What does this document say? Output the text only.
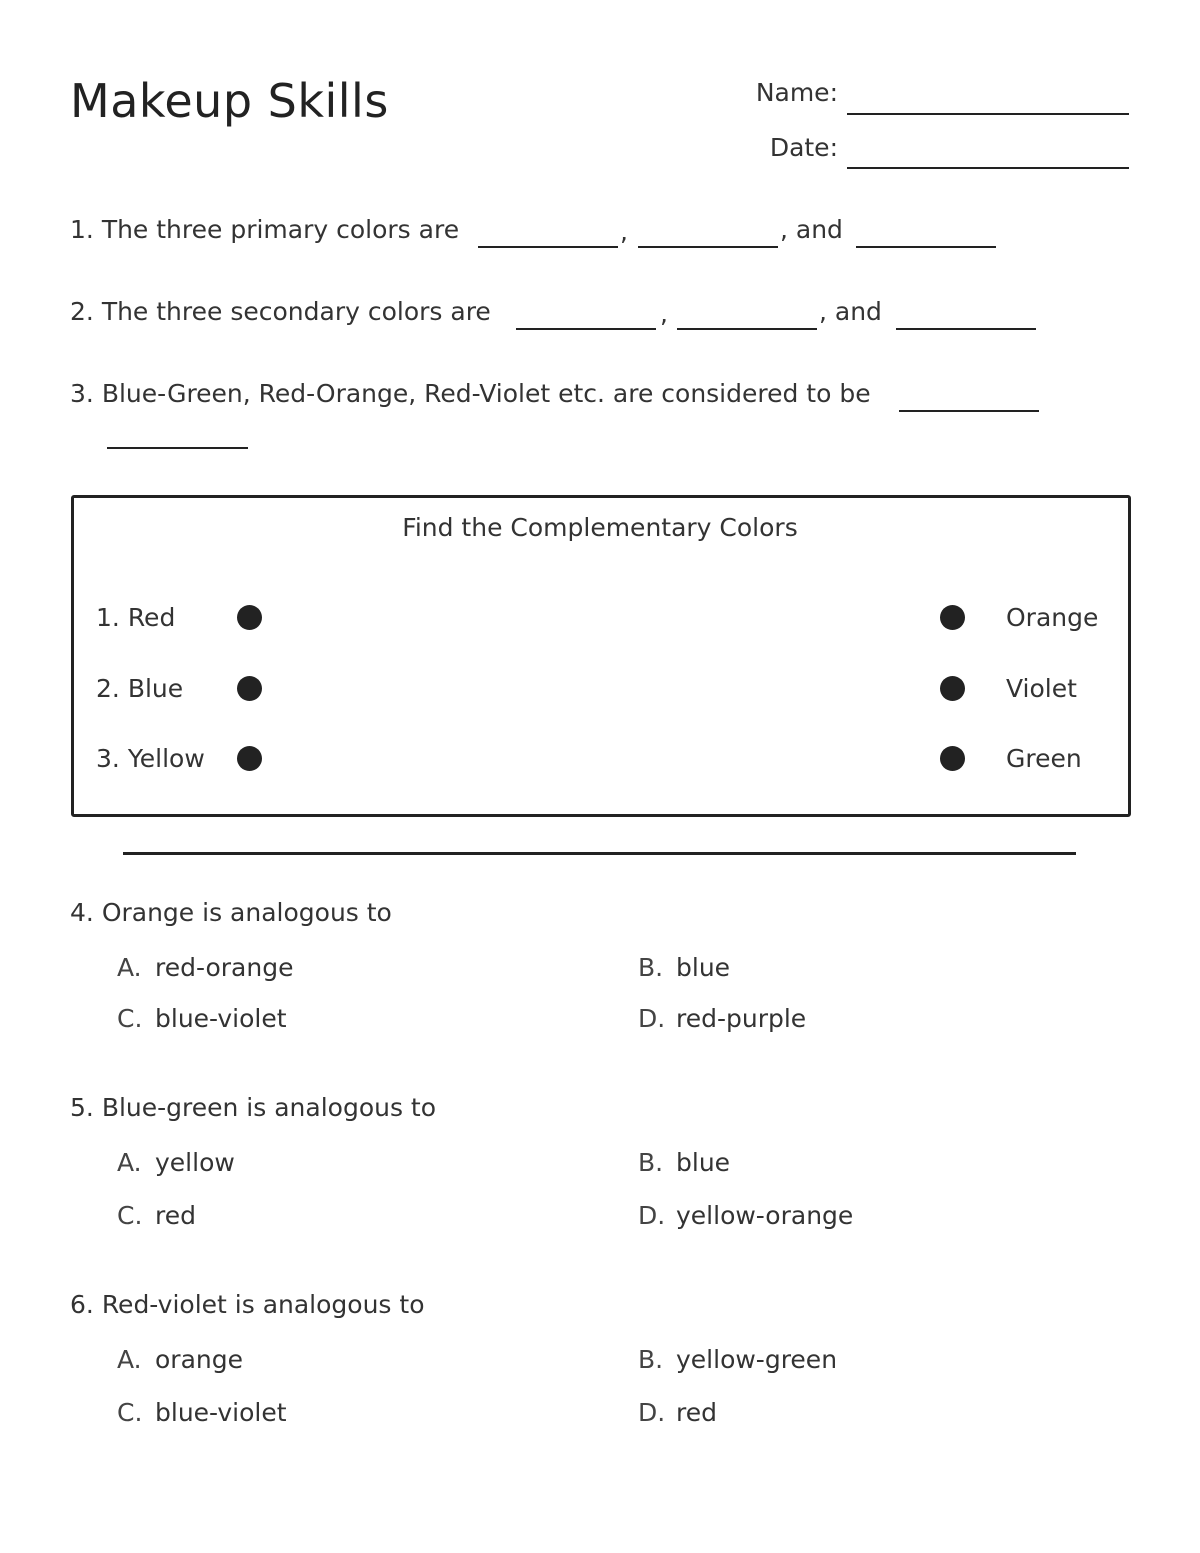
Makeup Skills	Name:
Date:
1. The three primary colors are	,	, and
2. The three secondary colors are	,	, and
3. Blue-Green, Red-Orange, Red-Violet etc. are considered to be
Find the Complementary Colors
1. Red	Orange
2. Blue	Violet
3. Yellow	Green
4. Orange is analogous to
A. red-orange	B. blue
C. blue-violet	D. red-purple
5. Blue-green is analogous to
A. yellow	B. blue
C. red	D. yellow-orange
6. Red-violet is analogous to
A. orange	B. yellow-green
C. blue-violet	D. red
